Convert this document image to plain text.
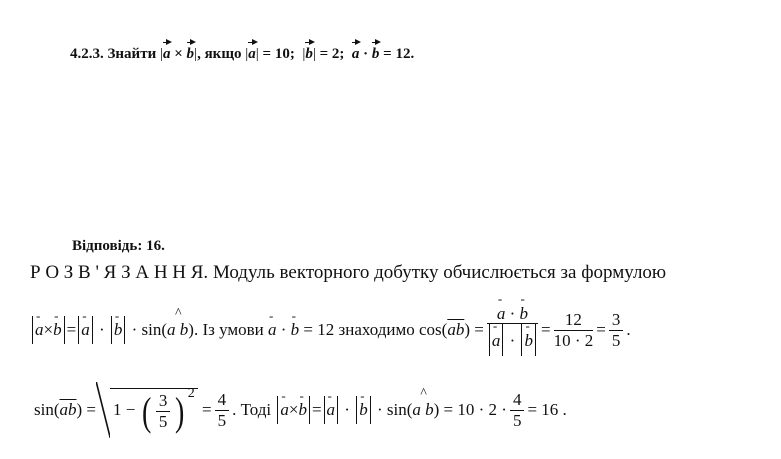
4.2.3. Знайти |a × b|, якщо |a| = 10; |b| = 2; a · b = 12.
Відповідь: 16.
Р О З В ' Я З А Н Н Я. Модуль векторного добутку обчислюється за формулою
- a × - b = - a · - b · sin( ^ a b ) . Із умови
- a · - b
= 12 знаходимо cos( $\overline{ab}$ ) = - a · - b
- a · - $b = \frac{12}{10 \cdot 2} = \frac{3}{5}$ .
sin( $\overline{ab}$ ) = 1 − ( $\frac{3}{5}$ ) $^2$
= $\frac{4}{5}$ . Тоді
- a × - b = - a · - b · sin( ^ a b ) = $10 \cdot 2 \cdot \frac{4}{5} = 16$ .
